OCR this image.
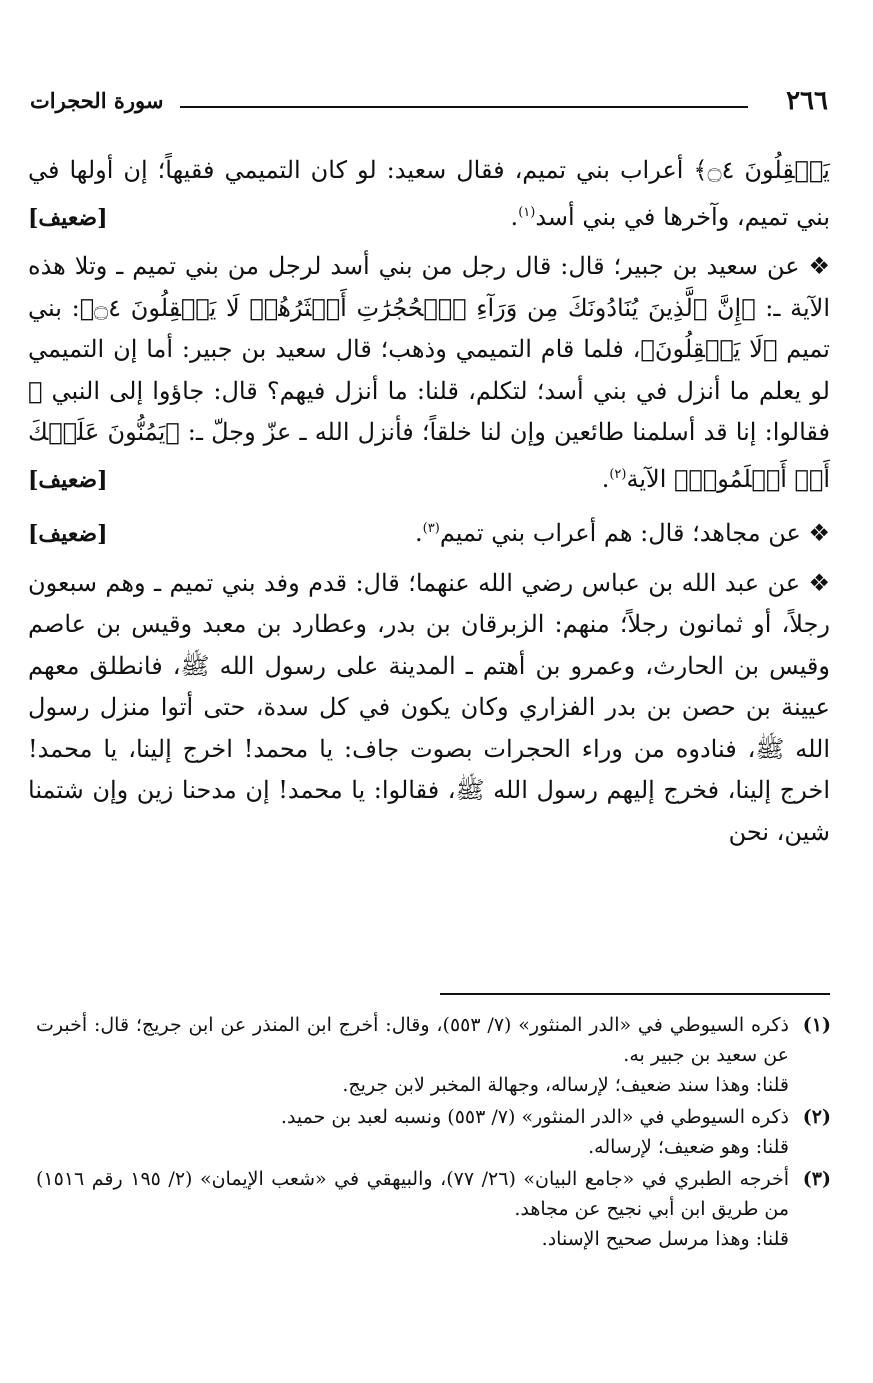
٢٦٦
سورة الحجرات

يَعۡقِلُونَ ۝٤﴾ أعراب بني تميم، فقال سعيد: لو كان التميمي فقيهاً؛ إن أولها في بني تميم، وآخرها في بني أسد$^{(١)}$.
[ضعيف]

❖ عن سعيد بن جبير؛ قال: قال رجل من بني أسد لرجل من بني تميم ـ وتلا هذه الآية ـ: ﴿إِنَّ ٱلَّذِينَ يُنَادُونَكَ مِن وَرَآءِ ٱلۡحُجُرَٰتِ أَكۡثَرُهُمۡ لَا يَعۡقِلُونَ ۝٤﴾: بني تميم ﴿لَا يَعۡقِلُونَ﴾، فلما قام التميمي وذهب؛ قال سعيد بن جبير: أما إن التميمي لو يعلم ما أنزل في بني أسد؛ لتكلم، قلنا: ما أنزل فيهم؟ قال: جاؤوا إلى النبي ﷺ فقالوا: إنا قد أسلمنا طائعين وإن لنا خلقاً؛ فأنزل الله ـ عزّ وجلّ ـ: ﴿يَمُنُّونَ عَلَيۡكَ أَنۡ أَسۡلَمُوا۟﴾ الآية$^{(٢)}$.
[ضعيف]

❖ عن مجاهد؛ قال: هم أعراب بني تميم$^{(٣)}$.
[ضعيف]

❖ عن عبد الله بن عباس رضي الله عنهما؛ قال: قدم وفد بني تميم ـ وهم سبعون رجلاً، أو ثمانون رجلاً؛ منهم: الزبرقان بن بدر، وعطارد بن معبد وقيس بن عاصم وقيس بن الحارث، وعمرو بن أهتم ـ المدينة على رسول الله ﷺ، فانطلق معهم عيينة بن حصن بن بدر الفزاري وكان يكون في كل سدة، حتى أتوا منزل رسول الله ﷺ، فنادوه من وراء الحجرات بصوت جاف: يا محمد! اخرج إلينا، يا محمد! اخرج إلينا، فخرج إليهم رسول الله ﷺ، فقالوا: يا محمد! إن مدحنا زين وإن شتمنا شين، نحن

(١)
ذكره السيوطي في «الدر المنثور» (٧/ ٥٥٣)، وقال: أخرج ابن المنذر عن ابن جريج؛ قال: أخبرت عن سعيد بن جبير به.
قلنا: وهذا سند ضعيف؛ لإرساله، وجهالة المخبر لابن جريج.
(٢)
ذكره السيوطي في «الدر المنثور» (٧/ ٥٥٣) ونسبه لعبد بن حميد.
قلنا: وهو ضعيف؛ لإرساله.
(٣)
أخرجه الطبري في «جامع البيان» (٢٦/ ٧٧)، والبيهقي في «شعب الإيمان» (٢/ ١٩٥ رقم ١٥١٦) من طريق ابن أبي نجيح عن مجاهد.
قلنا: وهذا مرسل صحيح الإسناد.
